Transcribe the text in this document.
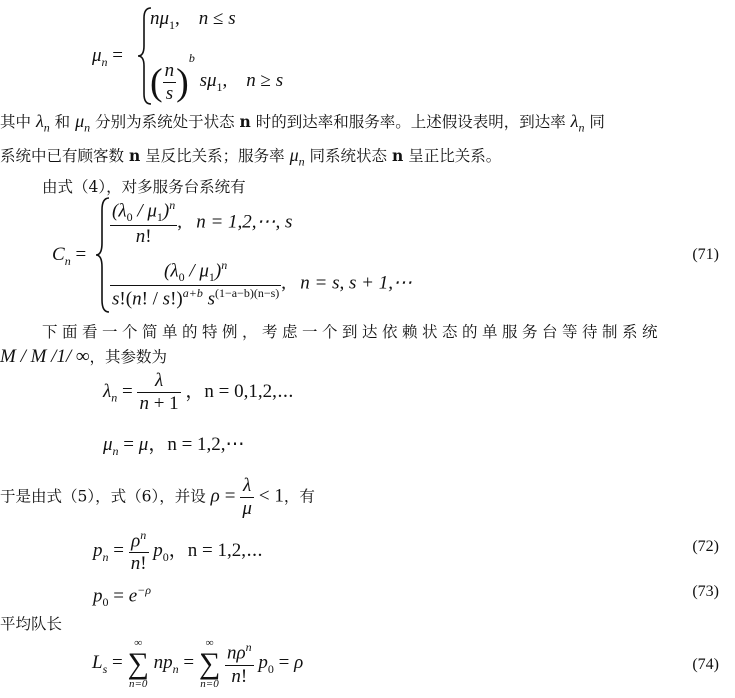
$\mu_n$ =
$n\mu_1$,    n ≤ s
( $\frac{n}{s} )^b$ $s\mu_1$,    n ≥ s
其中 $\lambda_n$ 和 $\mu_n$ 分别为系统处于状态 n 时的到达率和服务率。上述假设表明，到达率 $\lambda_n$ 同
系统中已有顾客数 n 呈反比关系；服务率 $\mu_n$ 同系统状态 n 呈正比关系。
由式（4），对多服务台系统有
$C_n$ =
$\frac{(\lambda_0 / \mu_1)^n}{n!}$ , n = 1,2,⋯, s
$\frac{(\lambda_0 / \mu_1)^n}{s!(n! / s!)^{a+b} s^{(1-a-b)(n-s)}}$ , n = s, s + 1,⋯
(71)
下面看一个简单的特例，考虑一个到达依赖状态的单服务台等待制系统
M / M /1/ ∞，其参数为
$\lambda_n = \frac{\lambda}{n + 1}$ ，n = 0,1,2,⋯
$\mu_n = \mu$，n = 1,2,⋯
于是由式（5），式（6），并设 $\rho = \frac{\lambda}{\mu} < 1$，有
$p_n = \frac{\rho^n}{n!} p_0$，n = 1,2,⋯	(72)
$p_0 = e^{-\rho}$	(73)
平均队长
$L_s$ =
∞
∑
n=0
$np_n$ =
∞
∑
n=0
$\frac{n\rho^n}{n!} p_0 = \rho$	(74)
